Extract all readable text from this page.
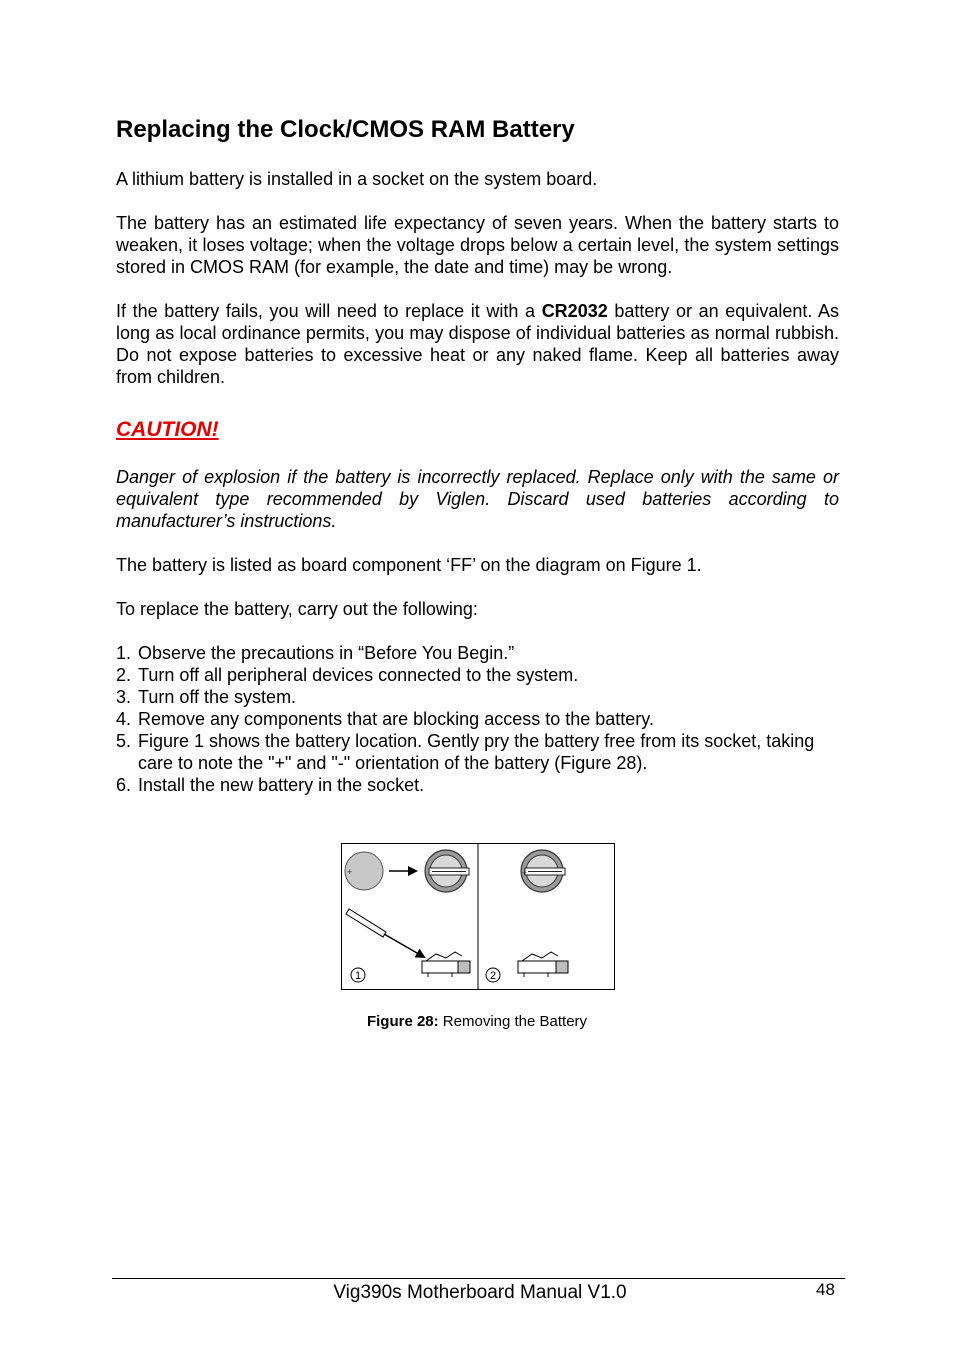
Replacing the Clock/CMOS RAM Battery

A lithium battery is installed in a socket on the system board.

The battery has an estimated life expectancy of seven years. When the battery starts to weaken, it loses voltage; when the voltage drops below a certain level, the system settings stored in CMOS RAM (for example, the date and time) may be wrong.

If the battery fails, you will need to replace it with a CR2032 battery or an equivalent. As long as local ordinance permits, you may dispose of individual batteries as normal rubbish. Do not expose batteries to excessive heat or any naked flame. Keep all batteries away from children.

CAUTION!

Danger of explosion if the battery is incorrectly replaced. Replace only with the same or equivalent type recommended by Viglen. Discard used batteries according to manufacturer’s instructions.

The battery is listed as board component ‘FF’ on the diagram on Figure 1.

To replace the battery, carry out the following:

1. Observe the precautions in “Before You Begin.”
2. Turn off all peripheral devices connected to the system.
3. Turn off the system.
4. Remove any components that are blocking access to the battery.
5. Figure 1 shows the battery location. Gently pry the battery free from its socket, taking care to note the "+" and "-" orientation of the battery (Figure 28).
6. Install the new battery in the socket.
+
1
+
2
Figure 28: Removing the Battery
Vig390s Motherboard Manual V1.0	48
